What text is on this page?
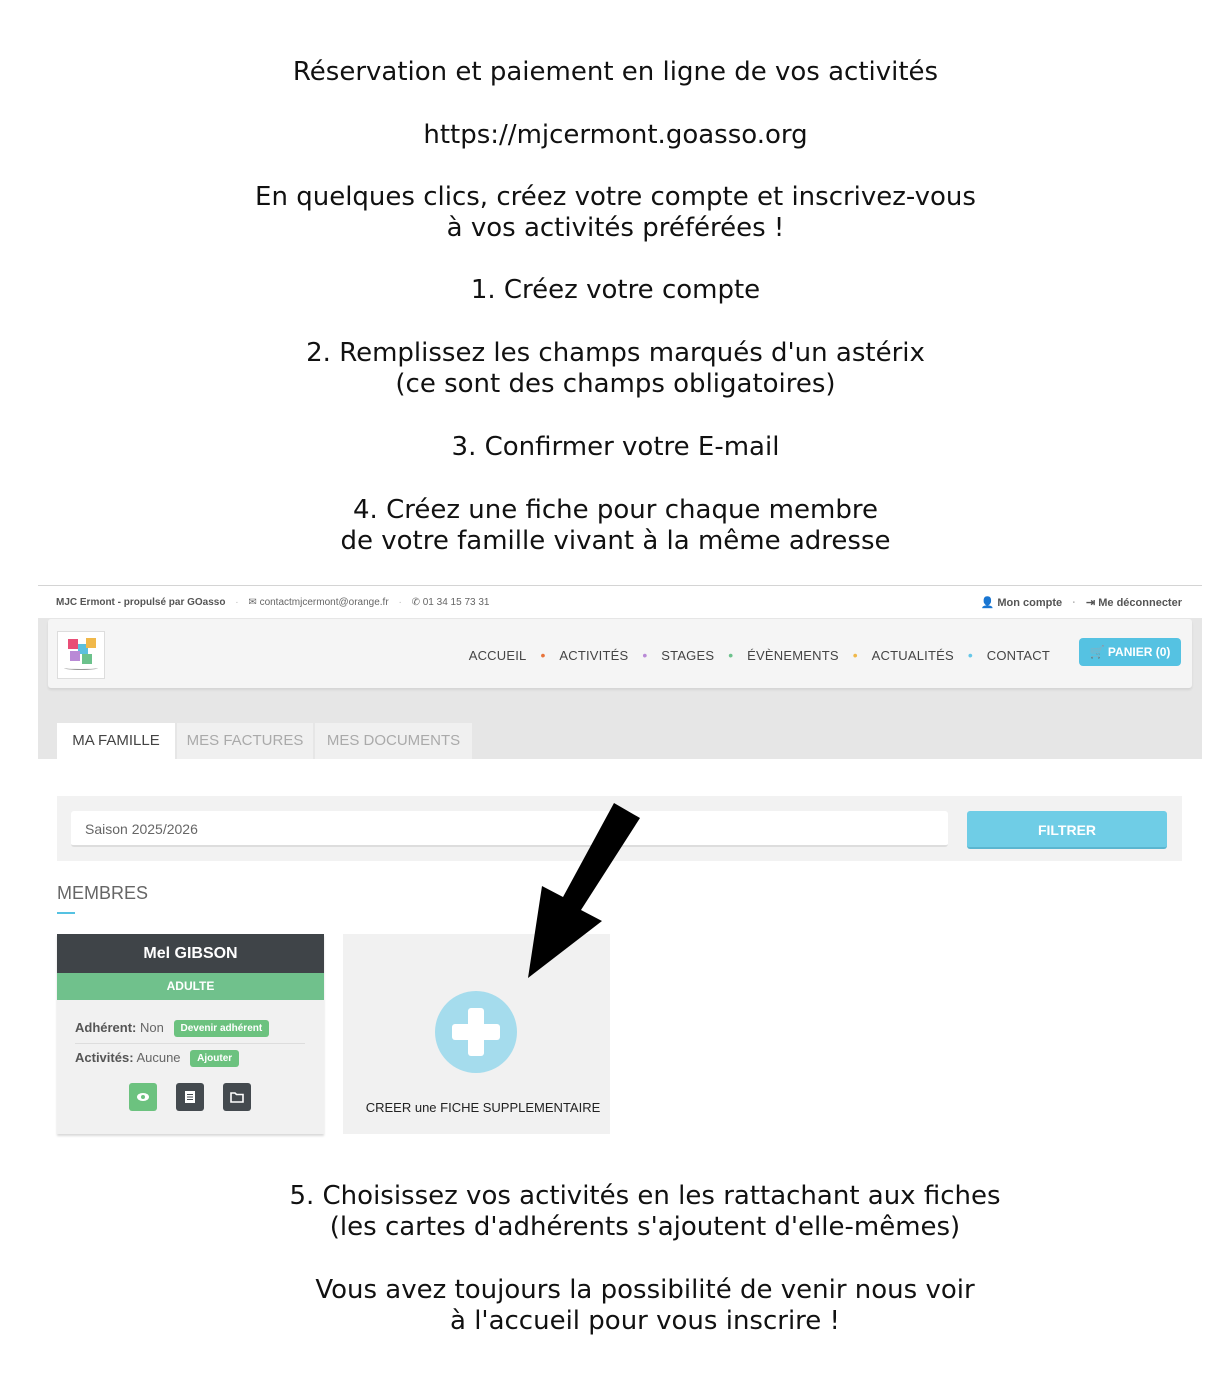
Réservation et paiement en ligne de vos activités

https://mjcermont.goasso.org

En quelques clics, créez votre compte et inscrivez-vous

à vos activités préférées !

1. Créez votre compte

2. Remplissez les champs marqués d'un astérix

(ce sont des champs obligatoires)

3. Confirmer votre E-mail

4. Créez une fiche pour chaque membre

de votre famille vivant à la même adresse

MJC Ermont - propulsé par GOasso · ✉ contactmjcermont@orange.fr · ✆ 01 34 15 73 31	👤 Mon compte · ⇥ Me déconnecter
ACCUEIL • ACTIVITÉS • STAGES • ÉVÈNEMENTS • ACTUALITÉS • CONTACT	🛒 PANIER (0)
MA FAMILLE	MES FACTURES	MES DOCUMENTS
Saison 2025/2026	FILTRER
MEMBRES
Mel GIBSON
ADULTE
Adhérent: Non Devenir adhérent
Activités: Aucune Ajouter
CREER une FICHE SUPPLEMENTAIRE

5. Choisissez vos activités en les rattachant aux fiches

(les cartes d'adhérents s'ajoutent d'elle-mêmes)

Vous avez toujours la possibilité de venir nous voir

à l'accueil pour vous inscrire !
